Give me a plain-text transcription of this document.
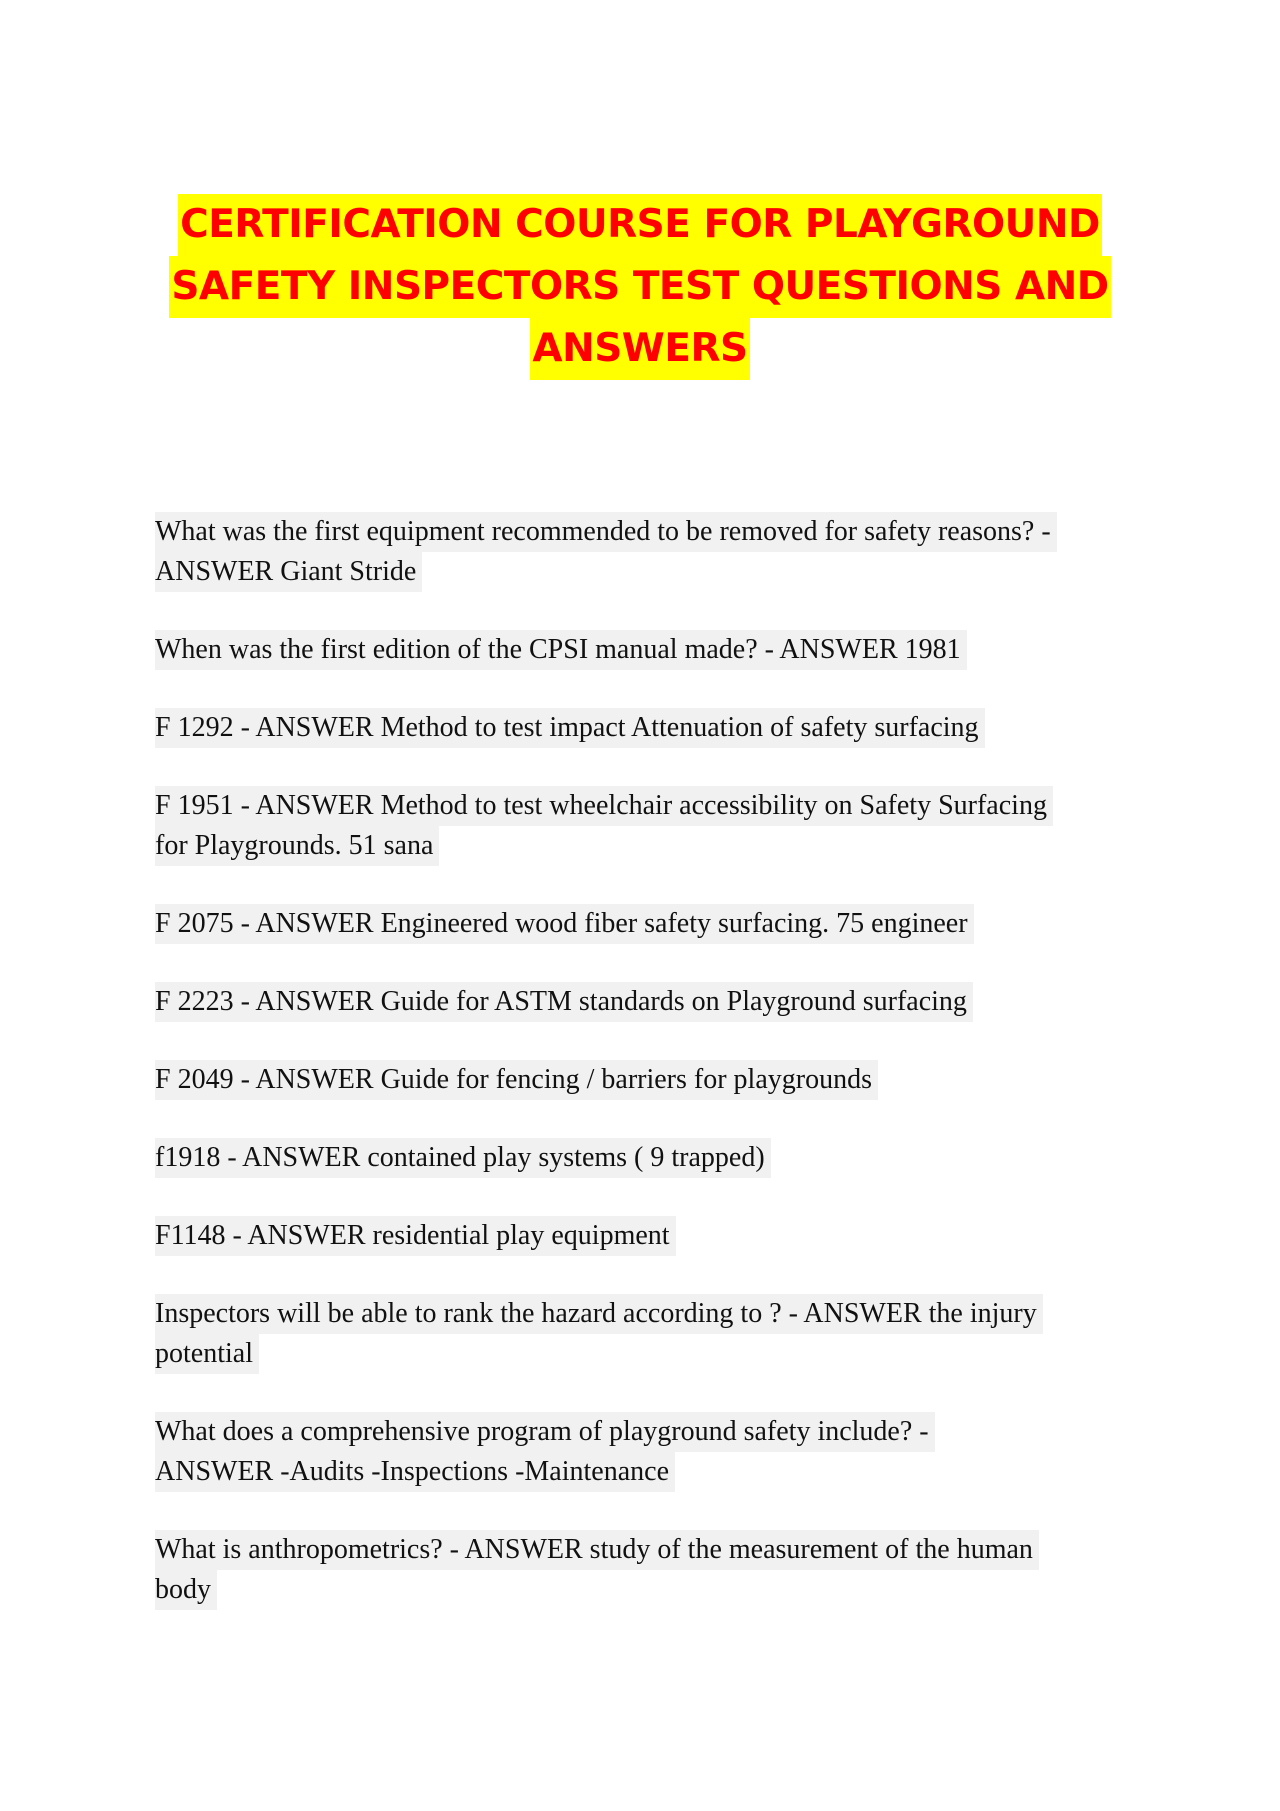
CERTIFICATION COURSE FOR PLAYGROUND
SAFETY INSPECTORS TEST QUESTIONS AND
ANSWERS
What was the first equipment recommended to be removed for safety reasons? -
ANSWER Giant Stride
When was the first edition of the CPSI manual made? - ANSWER 1981
F 1292 - ANSWER Method to test impact Attenuation of safety surfacing
F 1951 - ANSWER Method to test wheelchair accessibility on Safety Surfacing
for Playgrounds. 51 sana
F 2075 - ANSWER Engineered wood fiber safety surfacing. 75 engineer
F 2223 - ANSWER Guide for ASTM standards on Playground surfacing
F 2049 - ANSWER Guide for fencing / barriers for playgrounds
f1918 - ANSWER contained play systems ( 9 trapped)
F1148 - ANSWER residential play equipment
Inspectors will be able to rank the hazard according to ? - ANSWER the injury
potential
What does a comprehensive program of playground safety include? -
ANSWER -Audits -Inspections -Maintenance
What is anthropometrics? - ANSWER study of the measurement of the human
body
